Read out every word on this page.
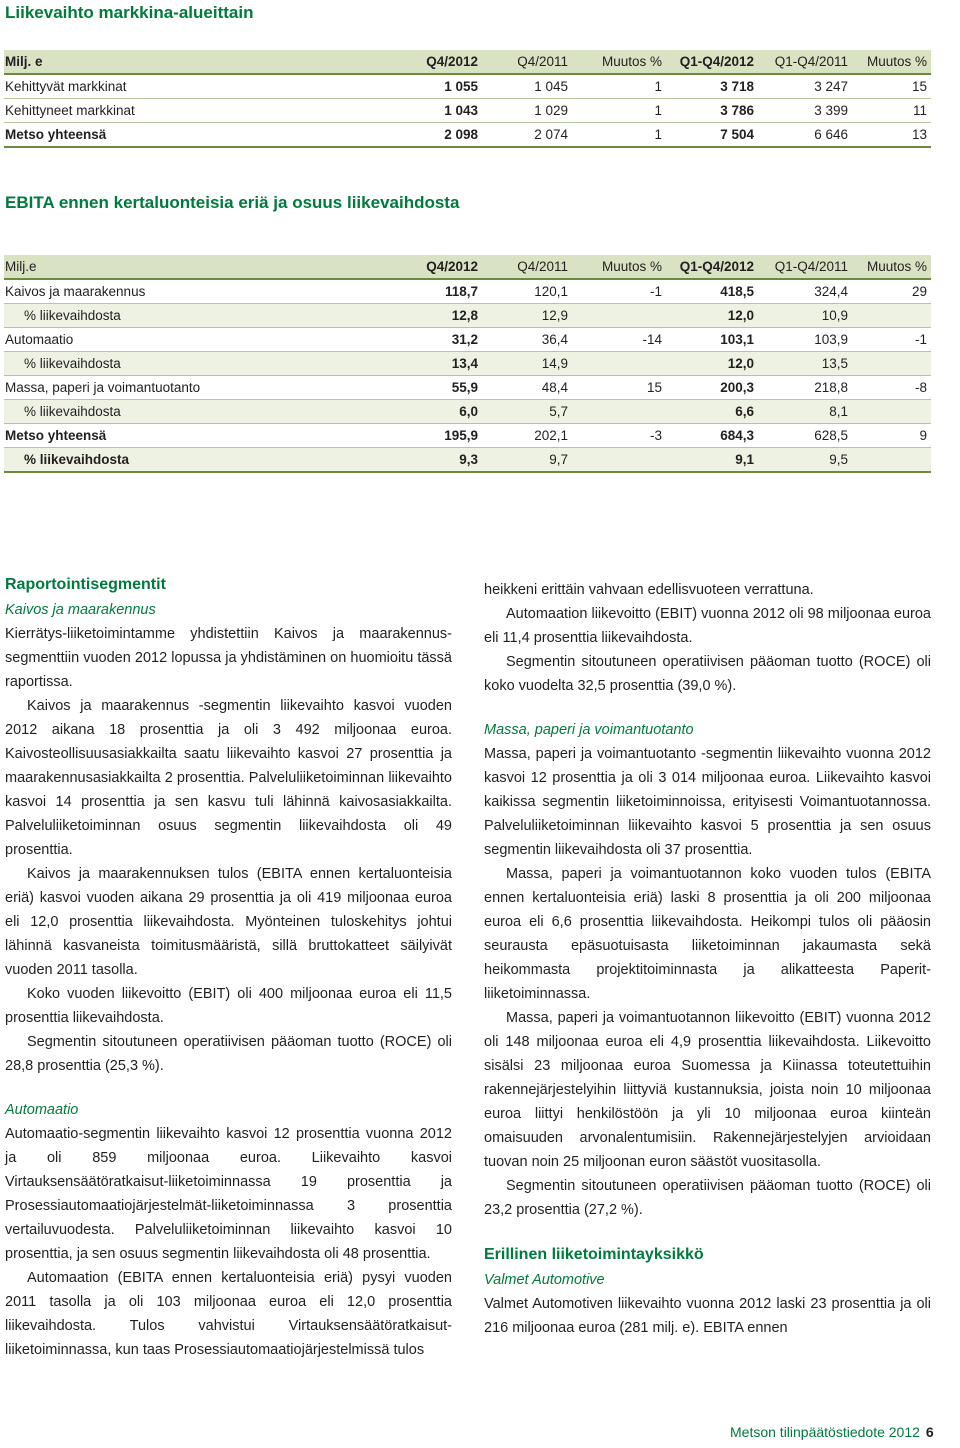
Liikevaihto markkina-alueittain
Milj. e	Q4/2012	Q4/2011	Muutos %	Q1-Q4/2012	Q1-Q4/2011	Muutos %
Kehittyvät markkinat	1 055	1 045	1	3 718	3 247	15
Kehittyneet markkinat	1 043	1 029	1	3 786	3 399	11
Metso yhteensä	2 098	2 074	1	7 504	6 646	13
EBITA ennen kertaluonteisia eriä ja osuus liikevaihdosta
Milj.e	Q4/2012	Q4/2011	Muutos %	Q1-Q4/2012	Q1-Q4/2011	Muutos %
Kaivos ja maarakennus	118,7	120,1	-1	418,5	324,4	29
% liikevaihdosta	12,8	12,9		12,0	10,9	
Automaatio	31,2	36,4	-14	103,1	103,9	-1
% liikevaihdosta	13,4	14,9		12,0	13,5	
Massa, paperi ja voimantuotanto	55,9	48,4	15	200,3	218,8	-8
% liikevaihdosta	6,0	5,7		6,6	8,1	
Metso yhteensä	195,9	202,1	-3	684,3	628,5	9
% liikevaihdosta	9,3	9,7		9,1	9,5	
Raportointisegmentit
Kaivos ja maarakennus

Kierrätys-liiketoimintamme yhdistettiin Kaivos ja maarakennus-segmenttiin vuoden 2012 lopussa ja yhdistäminen on huomioitu tässä raportissa.

Kaivos ja maarakennus -segmentin liikevaihto kasvoi vuoden 2012 aikana 18 prosenttia ja oli 3 492 miljoonaa euroa. Kaivosteollisuusasiakkailta saatu liikevaihto kasvoi 27 prosenttia ja maarakennusasiakkailta 2 prosenttia. Palveluliiketoiminnan liikevaihto kasvoi 14 prosenttia ja sen kasvu tuli lähinnä kaivosasiakkailta. Palveluliiketoiminnan osuus segmentin liikevaihdosta oli 49 prosenttia.

Kaivos ja maarakennuksen tulos (EBITA ennen kertaluonteisia eriä) kasvoi vuoden aikana 29 prosenttia ja oli 419 miljoonaa euroa eli 12,0 prosenttia liikevaihdosta. Myönteinen tuloskehitys johtui lähinnä kasvaneista toimitusmääristä, sillä bruttokatteet säilyivät vuoden 2011 tasolla.

Koko vuoden liikevoitto (EBIT) oli 400 miljoonaa euroa eli 11,5 prosenttia liikevaihdosta.

Segmentin sitoutuneen operatiivisen pääoman tuotto (ROCE) oli 28,8 prosenttia (25,3 %).

Automaatio

Automaatio-segmentin liikevaihto kasvoi 12 prosenttia vuonna 2012 ja oli 859 miljoonaa euroa. Liikevaihto kasvoi Virtauksensäätöratkaisut-liiketoiminnassa 19 prosenttia ja Prosessiautomaatiojärjestelmät-liiketoiminnassa 3 prosenttia vertailuvuodesta. Palveluliiketoiminnan liikevaihto kasvoi 10 prosenttia, ja sen osuus segmentin liikevaihdosta oli 48 prosenttia.

Automaation (EBITA ennen kertaluonteisia eriä) pysyi vuoden 2011 tasolla ja oli 103 miljoonaa euroa eli 12,0 prosenttia liikevaihdosta. Tulos vahvistui Virtauksensäätöratkaisut-liiketoiminnassa, kun taas Prosessiautomaatiojärjestelmissä tulos

heikkeni erittäin vahvaan edellisvuoteen verrattuna.

Automaation liikevoitto (EBIT) vuonna 2012 oli 98 miljoonaa euroa eli 11,4 prosenttia liikevaihdosta.

Segmentin sitoutuneen operatiivisen pääoman tuotto (ROCE) oli koko vuodelta 32,5 prosenttia (39,0 %).

Massa, paperi ja voimantuotanto

Massa, paperi ja voimantuotanto -segmentin liikevaihto vuonna 2012 kasvoi 12 prosenttia ja oli 3 014 miljoonaa euroa. Liikevaihto kasvoi kaikissa segmentin liiketoiminnoissa, erityisesti Voimantuotannossa. Palveluliiketoiminnan liikevaihto kasvoi 5 prosenttia ja sen osuus segmentin liikevaihdosta oli 37 prosenttia.

Massa, paperi ja voimantuotannon koko vuoden tulos (EBITA ennen kertaluonteisia eriä) laski 8 prosenttia ja oli 200 miljoonaa euroa eli 6,6 prosenttia liikevaihdosta. Heikompi tulos oli pääosin seurausta epäsuotuisasta liiketoiminnan jakaumasta sekä heikommasta projektitoiminnasta ja alikatteesta Paperit-liiketoiminnassa.

Massa, paperi ja voimantuotannon liikevoitto (EBIT) vuonna 2012 oli 148 miljoonaa euroa eli 4,9 prosenttia liikevaihdosta. Liikevoitto sisälsi 23 miljoonaa euroa Suomessa ja Kiinassa toteutettuihin rakennejärjestelyihin liittyviä kustannuksia, joista noin 10 miljoonaa euroa liittyi henkilöstöön ja yli 10 miljoonaa euroa kiinteän omaisuuden arvonalentumisiin. Rakennejärjestelyjen arvioidaan tuovan noin 25 miljoonan euron säästöt vuositasolla.

Segmentin sitoutuneen operatiivisen pääoman tuotto (ROCE) oli 23,2 prosenttia (27,2 %).

Erillinen liiketoimintayksikkö
Valmet Automotive

Valmet Automotiven liikevaihto vuonna 2012 laski 23 prosenttia ja oli 216 miljoonaa euroa (281 milj. e). EBITA ennen

Metson tilinpäätöstiedote 2012 6
